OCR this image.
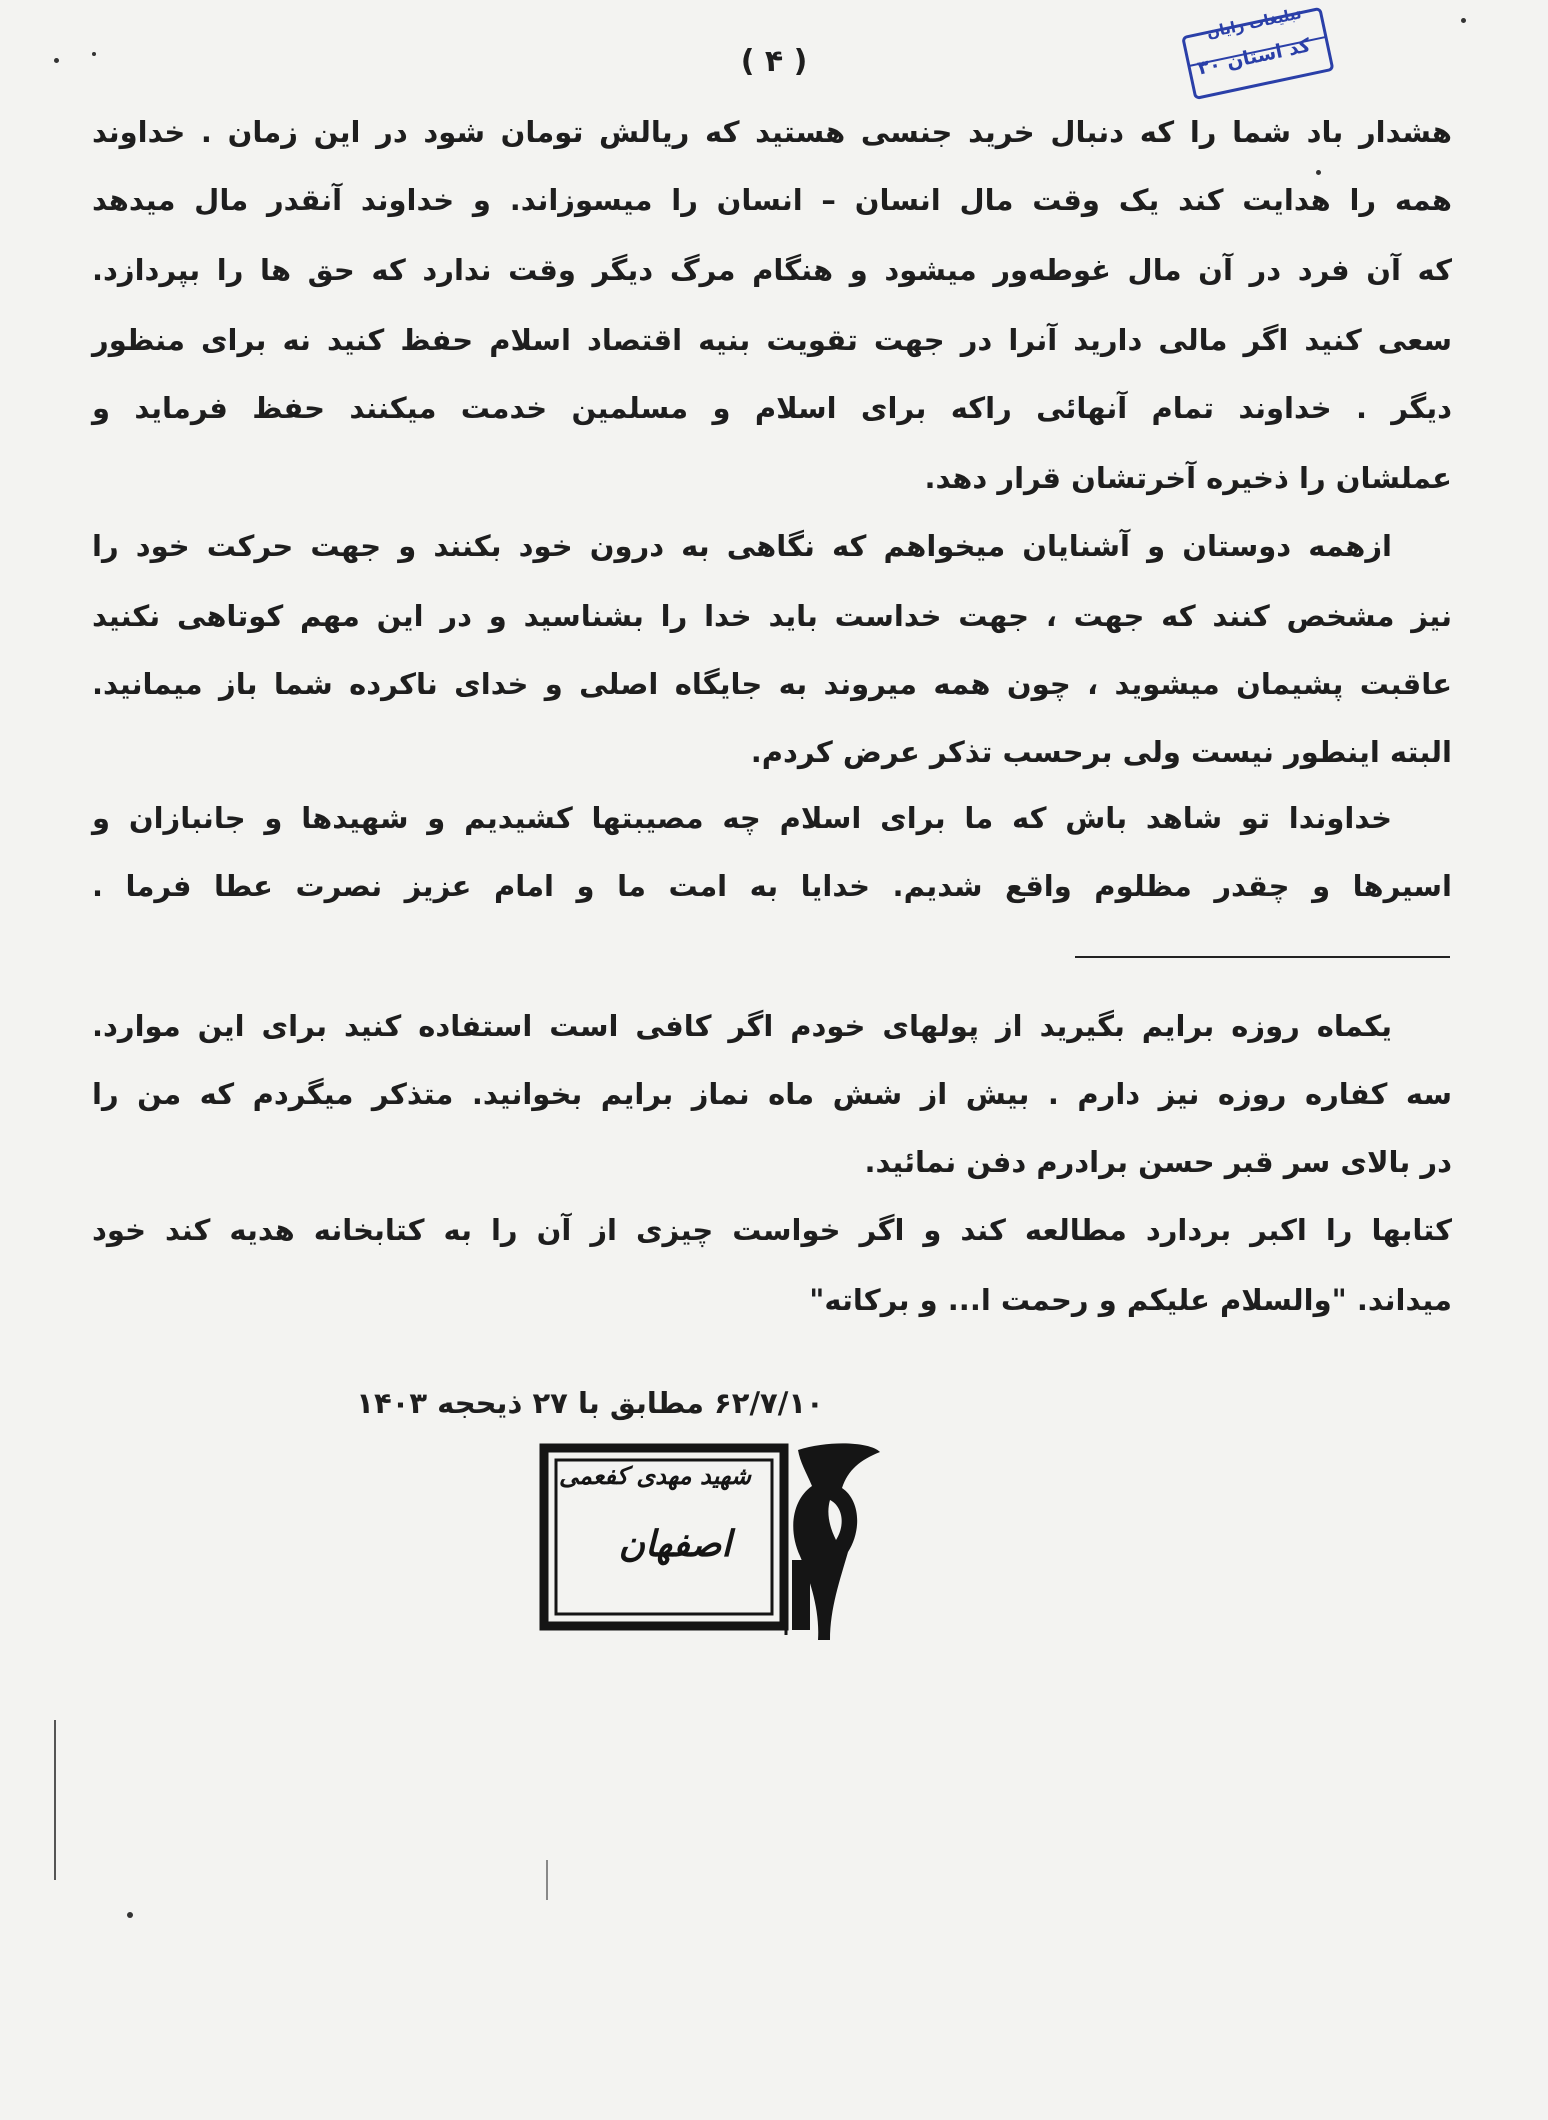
( ۴ )
تبلیغات رایان
کد استان ۳۰
هشدار باد شما را که دنبال خرید جنسی هستید که ریالش تومان شود در این زمان . خداوند
همه را هدایت کند یک وقت مال انسان – انسان را میسوزاند. و خداوند آنقدر مال میدهد
که آن فرد در آن مال غوطه‌ور میشود و هنگام مرگ دیگر وقت ندارد که حق ها را بپردازد.
سعی کنید اگر مالی دارید آنرا در جهت تقویت بنیه اقتصاد اسلام حفظ کنید نه برای منظور
دیگر . خداوند تمام آنهائی راکه برای اسلام و مسلمین خدمت میکنند حفظ فرماید و
عملشان را ذخیره آخرتشان قرار دهد.
ازهمه دوستان و آشنایان میخواهم که نگاهی به درون خود بکنند و جهت حرکت خود را
نیز مشخص کنند که جهت ، جهت خداست باید خدا را بشناسید و در این مهم کوتاهی نکنید
عاقبت پشیمان میشوید ، چون همه میروند به جایگاه اصلی و خدای ناکرده شما باز میمانید.
البته اینطور نیست ولی برحسب تذکر عرض کردم.
خداوندا تو شاهد باش که ما برای اسلام چه مصیبتها کشیدیم و شهیدها و جانبازان و
اسیرها و چقدر مظلوم واقع شدیم. خدایا به امت ما و امام عزیز نصرت عطا فرما .
یکماه روزه برایم بگیرید از پولهای خودم اگر کافی است استفاده کنید برای این موارد.
سه کفاره روزه نیز دارم . بیش از شش ماه نماز برایم بخوانید. متذکر میگردم که من را
در بالای سر قبر حسن برادرم دفن نمائید.
کتابها را اکبر بردارد مطالعه کند و اگر خواست چیزی از آن را به کتابخانه هدیه کند خود
میداند. "والسلام علیکم و رحمت ا... و برکاته"
۶۲/۷/۱۰ مطابق با ۲۷ ذیحجه ۱۴۰۳
شهید مهدی کفعمی
اصفهان
